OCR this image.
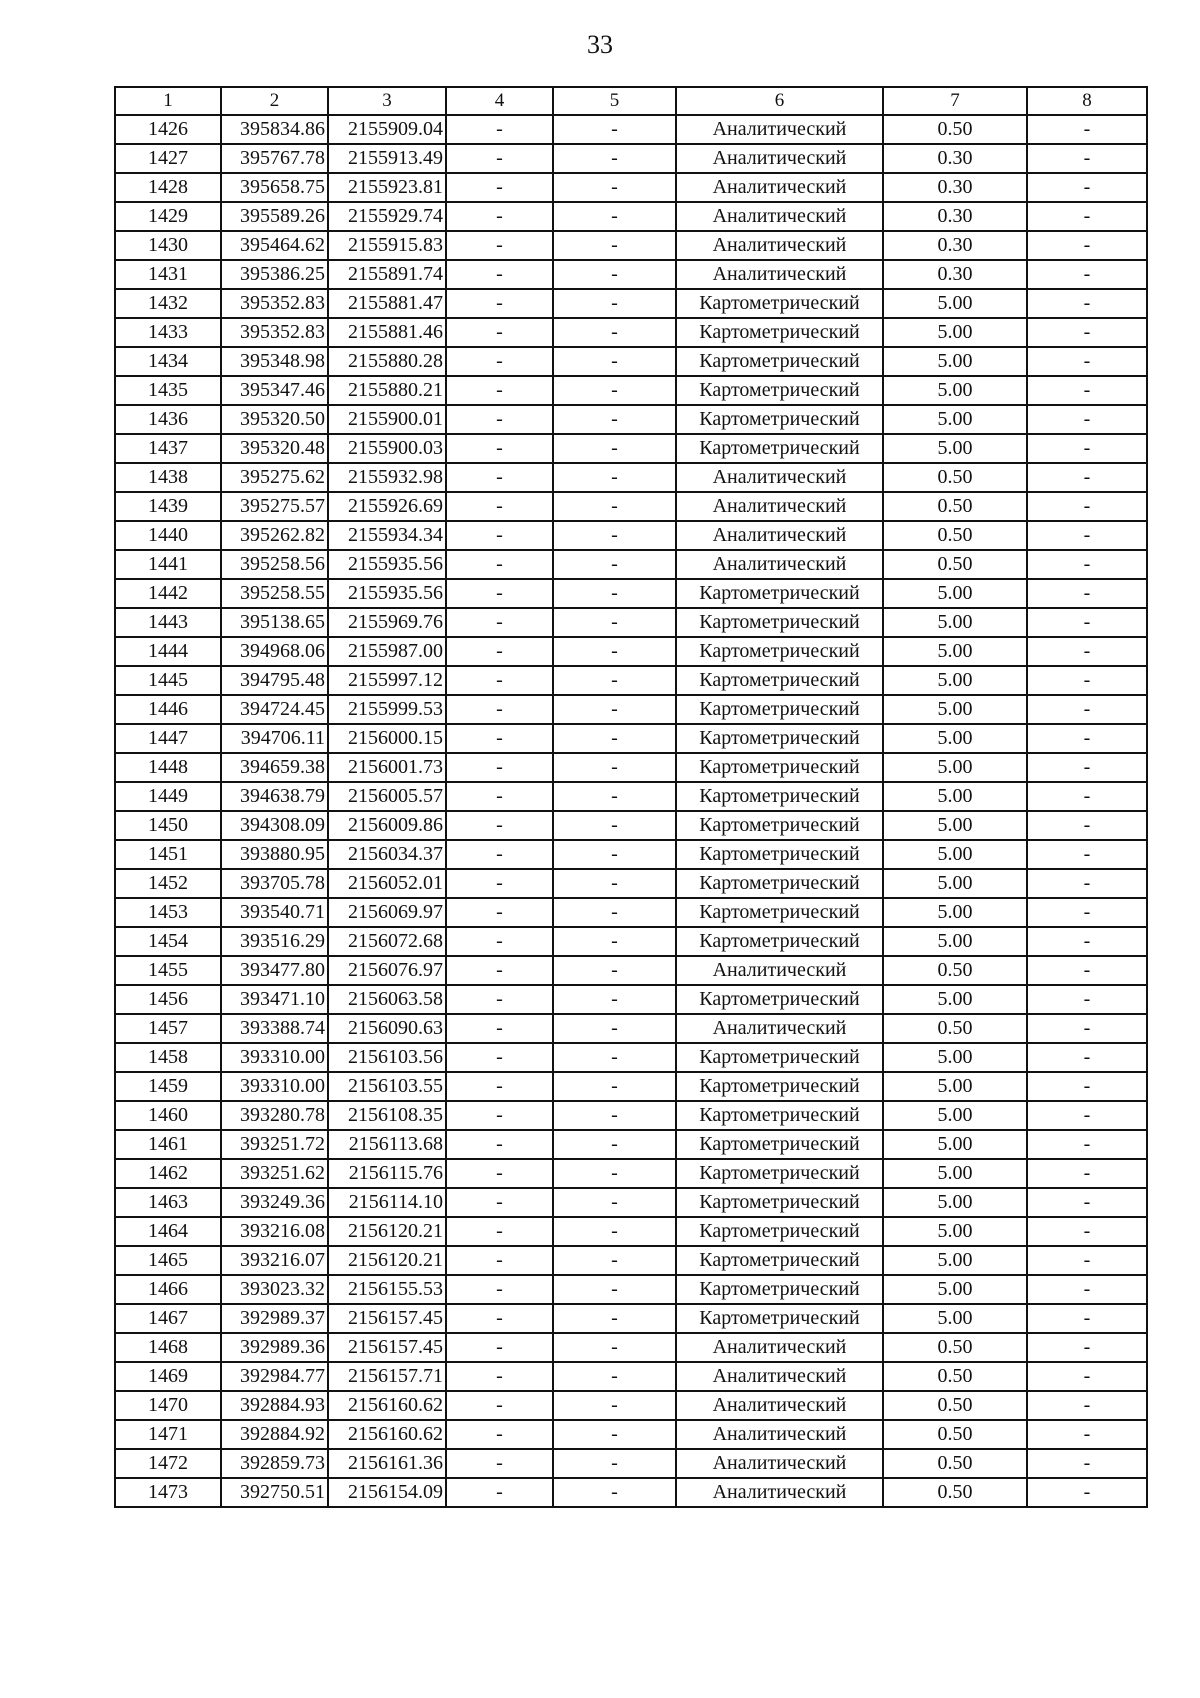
33
1	2	3	4	5	6	7	8
1426	395834.86	2155909.04	-	-	Аналитический	0.50	-
1427	395767.78	2155913.49	-	-	Аналитический	0.30	-
1428	395658.75	2155923.81	-	-	Аналитический	0.30	-
1429	395589.26	2155929.74	-	-	Аналитический	0.30	-
1430	395464.62	2155915.83	-	-	Аналитический	0.30	-
1431	395386.25	2155891.74	-	-	Аналитический	0.30	-
1432	395352.83	2155881.47	-	-	Картометрический	5.00	-
1433	395352.83	2155881.46	-	-	Картометрический	5.00	-
1434	395348.98	2155880.28	-	-	Картометрический	5.00	-
1435	395347.46	2155880.21	-	-	Картометрический	5.00	-
1436	395320.50	2155900.01	-	-	Картометрический	5.00	-
1437	395320.48	2155900.03	-	-	Картометрический	5.00	-
1438	395275.62	2155932.98	-	-	Аналитический	0.50	-
1439	395275.57	2155926.69	-	-	Аналитический	0.50	-
1440	395262.82	2155934.34	-	-	Аналитический	0.50	-
1441	395258.56	2155935.56	-	-	Аналитический	0.50	-
1442	395258.55	2155935.56	-	-	Картометрический	5.00	-
1443	395138.65	2155969.76	-	-	Картометрический	5.00	-
1444	394968.06	2155987.00	-	-	Картометрический	5.00	-
1445	394795.48	2155997.12	-	-	Картометрический	5.00	-
1446	394724.45	2155999.53	-	-	Картометрический	5.00	-
1447	394706.11	2156000.15	-	-	Картометрический	5.00	-
1448	394659.38	2156001.73	-	-	Картометрический	5.00	-
1449	394638.79	2156005.57	-	-	Картометрический	5.00	-
1450	394308.09	2156009.86	-	-	Картометрический	5.00	-
1451	393880.95	2156034.37	-	-	Картометрический	5.00	-
1452	393705.78	2156052.01	-	-	Картометрический	5.00	-
1453	393540.71	2156069.97	-	-	Картометрический	5.00	-
1454	393516.29	2156072.68	-	-	Картометрический	5.00	-
1455	393477.80	2156076.97	-	-	Аналитический	0.50	-
1456	393471.10	2156063.58	-	-	Картометрический	5.00	-
1457	393388.74	2156090.63	-	-	Аналитический	0.50	-
1458	393310.00	2156103.56	-	-	Картометрический	5.00	-
1459	393310.00	2156103.55	-	-	Картометрический	5.00	-
1460	393280.78	2156108.35	-	-	Картометрический	5.00	-
1461	393251.72	2156113.68	-	-	Картометрический	5.00	-
1462	393251.62	2156115.76	-	-	Картометрический	5.00	-
1463	393249.36	2156114.10	-	-	Картометрический	5.00	-
1464	393216.08	2156120.21	-	-	Картометрический	5.00	-
1465	393216.07	2156120.21	-	-	Картометрический	5.00	-
1466	393023.32	2156155.53	-	-	Картометрический	5.00	-
1467	392989.37	2156157.45	-	-	Картометрический	5.00	-
1468	392989.36	2156157.45	-	-	Аналитический	0.50	-
1469	392984.77	2156157.71	-	-	Аналитический	0.50	-
1470	392884.93	2156160.62	-	-	Аналитический	0.50	-
1471	392884.92	2156160.62	-	-	Аналитический	0.50	-
1472	392859.73	2156161.36	-	-	Аналитический	0.50	-
1473	392750.51	2156154.09	-	-	Аналитический	0.50	-
